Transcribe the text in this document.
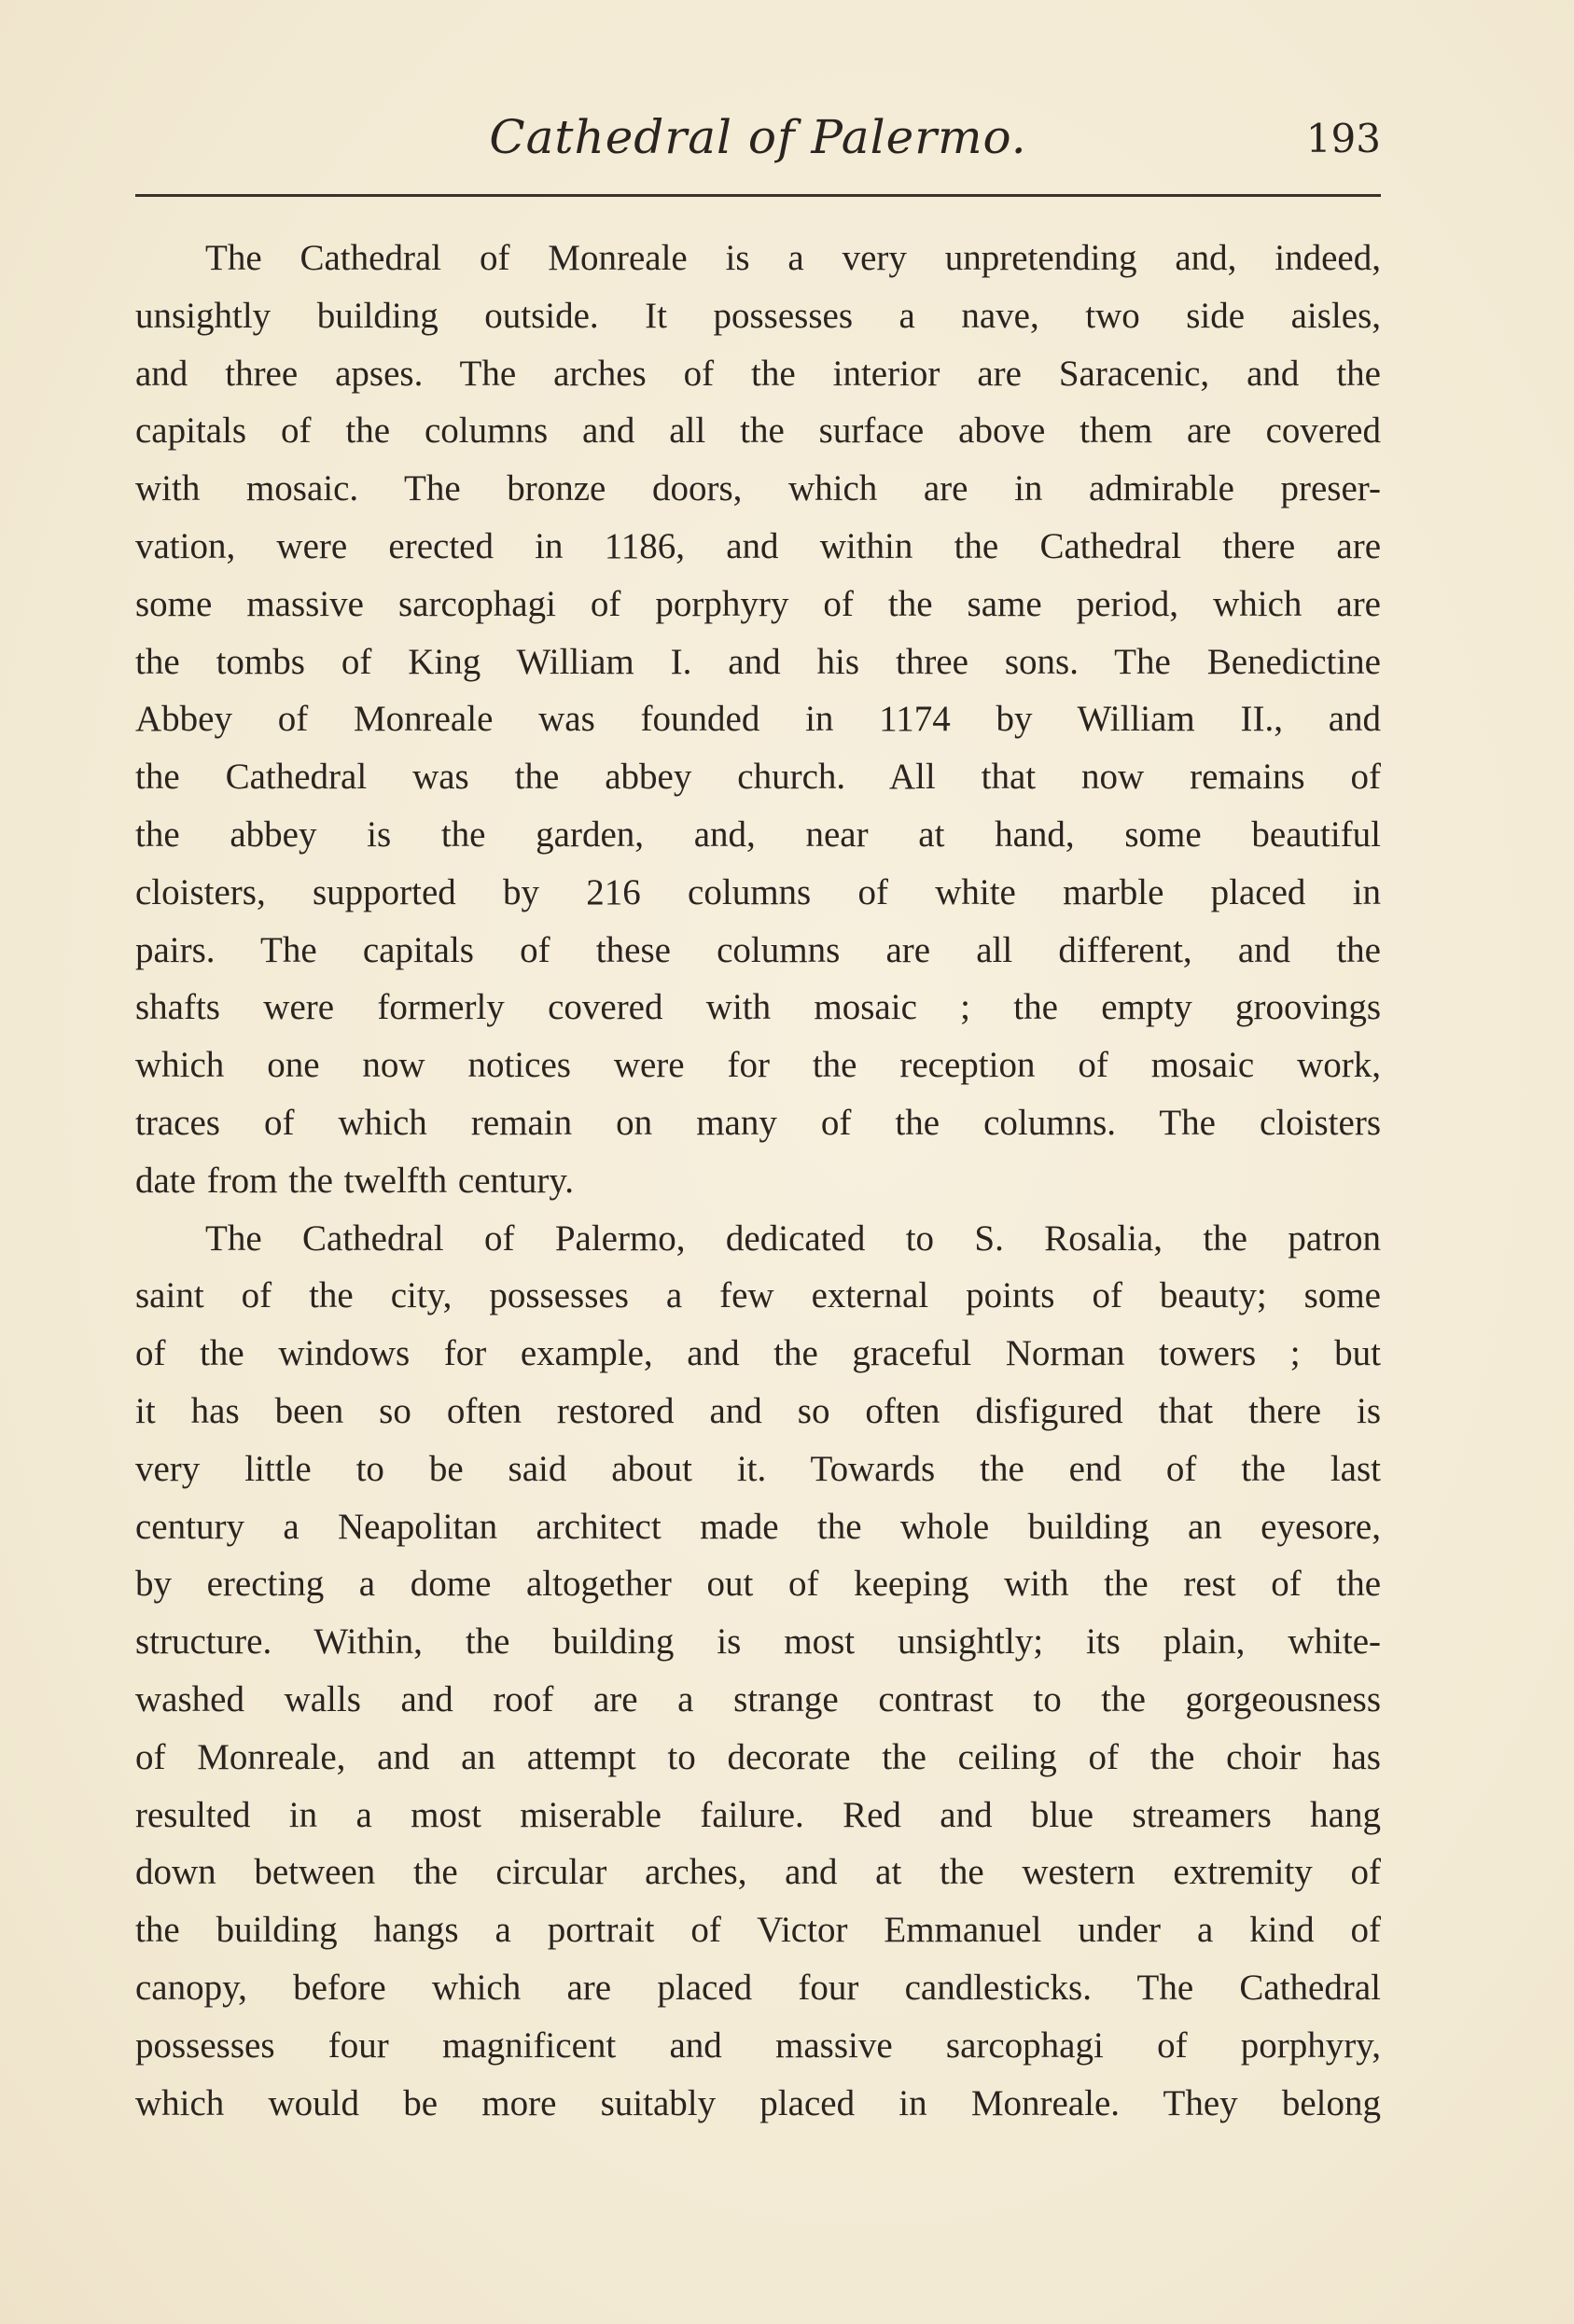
Cathedral of Palermo.	193
The Cathedral of Monreale is a very unpretending and, indeed,
unsightly building outside. It possesses a nave, two side aisles,
and three apses. The arches of the interior are Saracenic, and the
capitals of the columns and all the surface above them are covered
with mosaic. The bronze doors, which are in admirable preser-
vation, were erected in 1186, and within the Cathedral there are
some massive sarcophagi of porphyry of the same period, which are
the tombs of King William I. and his three sons. The Benedictine
Abbey of Monreale was founded in 1174 by William II., and
the Cathedral was the abbey church. All that now remains of
the abbey is the garden, and, near at hand, some beautiful
cloisters, supported by 216 columns of white marble placed in
pairs. The capitals of these columns are all different, and the
shafts were formerly covered with mosaic ; the empty groovings
which one now notices were for the reception of mosaic work,
traces of which remain on many of the columns. The cloisters
date from the twelfth century.
The Cathedral of Palermo, dedicated to S. Rosalia, the patron
saint of the city, possesses a few external points of beauty; some
of the windows for example, and the graceful Norman towers ; but
it has been so often restored and so often disfigured that there is
very little to be said about it. Towards the end of the last
century a Neapolitan architect made the whole building an eyesore,
by erecting a dome altogether out of keeping with the rest of the
structure. Within, the building is most unsightly; its plain, white-
washed walls and roof are a strange contrast to the gorgeousness
of Monreale, and an attempt to decorate the ceiling of the choir has
resulted in a most miserable failure. Red and blue streamers hang
down between the circular arches, and at the western extremity of
the building hangs a portrait of Victor Emmanuel under a kind of
canopy, before which are placed four candlesticks. The Cathedral
possesses four magnificent and massive sarcophagi of porphyry,
which would be more suitably placed in Monreale. They belong
